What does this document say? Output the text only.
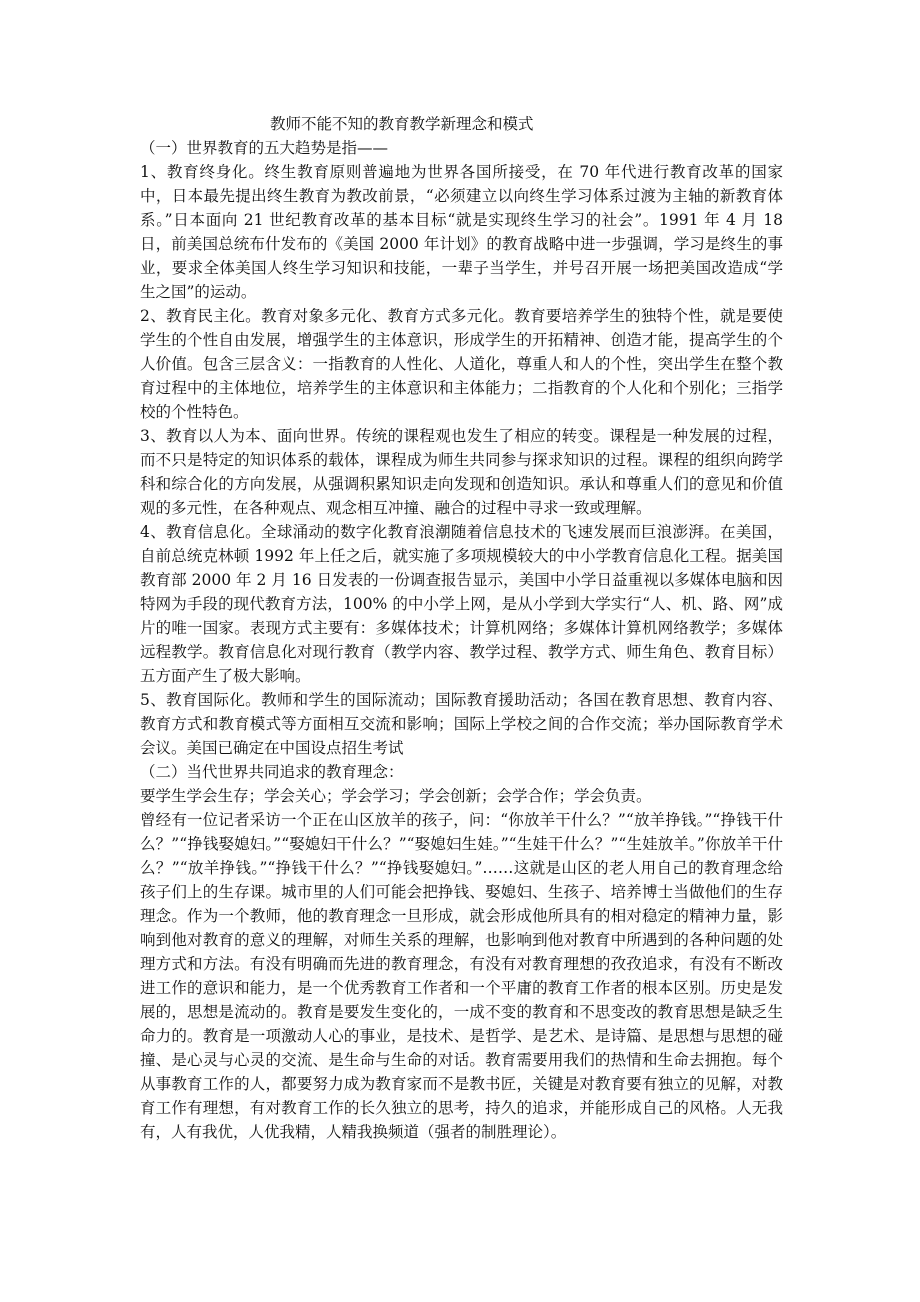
教师不能不知的教育教学新理念和模式

（一）世界教育的五大趋势是指——

1、教育终身化。终生教育原则普遍地为世界各国所接受，在 70 年代进行教育改革的国家中，日本最先提出终生教育为教改前景，“必须建立以向终生学习体系过渡为主轴的新教育体系。”日本面向 21 世纪教育改革的基本目标“就是实现终生学习的社会”。1991 年 4 月 18 日，前美国总统布什发布的《美国 2000 年计划》的教育战略中进一步强调，学习是终生的事业，要求全体美国人终生学习知识和技能，一辈子当学生，并号召开展一场把美国改造成“学生之国”的运动。

2、教育民主化。教育对象多元化、教育方式多元化。教育要培养学生的独特个性，就是要使学生的个性自由发展，增强学生的主体意识，形成学生的开拓精神、创造才能，提高学生的个人价值。包含三层含义：一指教育的人性化、人道化，尊重人和人的个性，突出学生在整个教育过程中的主体地位，培养学生的主体意识和主体能力；二指教育的个人化和个别化；三指学校的个性特色。

3、教育以人为本、面向世界。传统的课程观也发生了相应的转变。课程是一种发展的过程，而不只是特定的知识体系的载体，课程成为师生共同参与探求知识的过程。课程的组织向跨学科和综合化的方向发展，从强调积累知识走向发现和创造知识。承认和尊重人们的意见和价值观的多元性，在各种观点、观念相互冲撞、融合的过程中寻求一致或理解。

4、教育信息化。全球涌动的数字化教育浪潮随着信息技术的飞速发展而巨浪澎湃。在美国，自前总统克林顿 1992 年上任之后，就实施了多项规模较大的中小学教育信息化工程。据美国教育部 2000 年 2 月 16 日发表的一份调查报告显示，美国中小学日益重视以多媒体电脑和因特网为手段的现代教育方法，100% 的中小学上网，是从小学到大学实行“人、机、路、网”成片的唯一国家。表现方式主要有：多媒体技术；计算机网络；多媒体计算机网络教学；多媒体远程教学。教育信息化对现行教育（教学内容、教学过程、教学方式、师生角色、教育目标）五方面产生了极大影响。

5、教育国际化。教师和学生的国际流动；国际教育援助活动；各国在教育思想、教育内容、教育方式和教育模式等方面相互交流和影响；国际上学校之间的合作交流；举办国际教育学术会议。美国已确定在中国设点招生考试

（二）当代世界共同追求的教育理念：

要学生学会生存；学会关心；学会学习；学会创新；会学合作；学会负责。

曾经有一位记者采访一个正在山区放羊的孩子，问：“你放羊干什么？”“放羊挣钱。”“挣钱干什么？”“挣钱娶媳妇。”“娶媳妇干什么？”“娶媳妇生娃。”“生娃干什么？”“生娃放羊。”你放羊干什么？”“放羊挣钱。”“挣钱干什么？”“挣钱娶媳妇。”……这就是山区的老人用自己的教育理念给孩子们上的生存课。城市里的人们可能会把挣钱、娶媳妇、生孩子、培养博士当做他们的生存理念。作为一个教师，他的教育理念一旦形成，就会形成他所具有的相对稳定的精神力量，影响到他对教育的意义的理解，对师生关系的理解，也影响到他对教育中所遇到的各种问题的处理方式和方法。有没有明确而先进的教育理念，有没有对教育理想的孜孜追求，有没有不断改进工作的意识和能力，是一个优秀教育工作者和一个平庸的教育工作者的根本区别。历史是发展的，思想是流动的。教育是要发生变化的，一成不变的教育和不思变改的教育思想是缺乏生命力的。教育是一项激动人心的事业，是技术、是哲学、是艺术、是诗篇、是思想与思想的碰撞、是心灵与心灵的交流、是生命与生命的对话。教育需要用我们的热情和生命去拥抱。每个从事教育工作的人，都要努力成为教育家而不是教书匠，关键是对教育要有独立的见解，对教育工作有理想，有对教育工作的长久独立的思考，持久的追求，并能形成自己的风格。人无我有，人有我优，人优我精，人精我换频道（强者的制胜理论）。
